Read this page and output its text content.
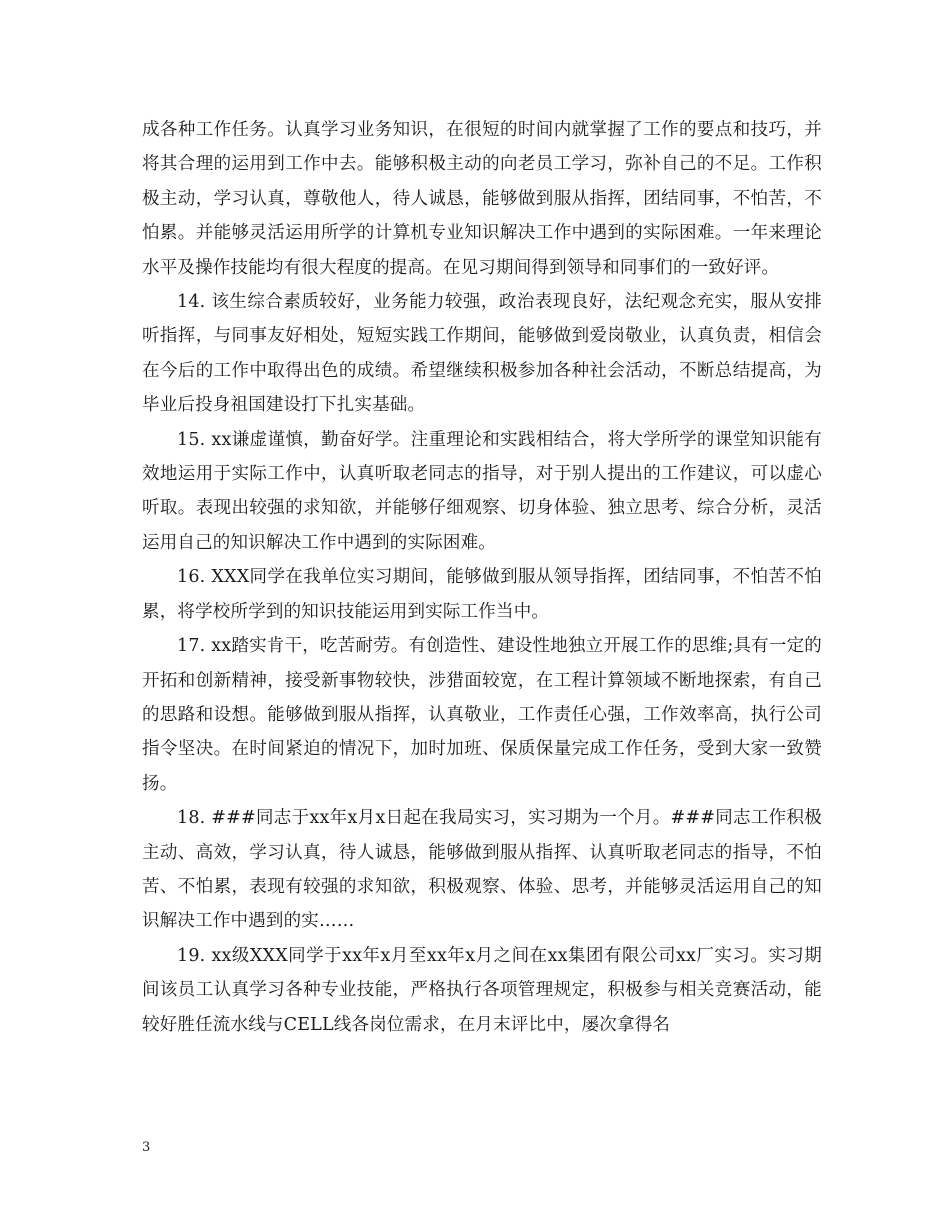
成各种工作任务。认真学习业务知识，在很短的时间内就掌握了工作的要点和技巧，并将其合理的运用到工作中去。能够积极主动的向老员工学习，弥补自己的不足。工作积极主动，学习认真，尊敬他人，待人诚恳，能够做到服从指挥，团结同事，不怕苦，不怕累。并能够灵活运用所学的计算机专业知识解决工作中遇到的实际困难。一年来理论水平及操作技能均有很大程度的提高。在见习期间得到领导和同事们的一致好评。

14. 该生综合素质较好，业务能力较强，政治表现良好，法纪观念充实，服从安排听指挥，与同事友好相处，短短实践工作期间，能够做到爱岗敬业，认真负责，相信会在今后的工作中取得出色的成绩。希望继续积极参加各种社会活动，不断总结提高，为毕业后投身祖国建设打下扎实基础。

15. xx谦虚谨慎，勤奋好学。注重理论和实践相结合，将大学所学的课堂知识能有效地运用于实际工作中，认真听取老同志的指导，对于别人提出的工作建议，可以虚心听取。表现出较强的求知欲，并能够仔细观察、切身体验、独立思考、综合分析，灵活运用自己的知识解决工作中遇到的实际困难。

16. XXX同学在我单位实习期间，能够做到服从领导指挥，团结同事，不怕苦不怕累，将学校所学到的知识技能运用到实际工作当中。

17. xx踏实肯干，吃苦耐劳。有创造性、建设性地独立开展工作的思维;具有一定的开拓和创新精神，接受新事物较快，涉猎面较宽，在工程计算领域不断地探索，有自己的思路和设想。能够做到服从指挥，认真敬业，工作责任心强，工作效率高，执行公司指令坚决。在时间紧迫的情况下，加时加班、保质保量完成工作任务，受到大家一致赞扬。

18. ###同志于xx年x月x日起在我局实习，实习期为一个月。###同志工作积极主动、高效，学习认真，待人诚恳，能够做到服从指挥、认真听取老同志的指导，不怕苦、不怕累，表现有较强的求知欲，积极观察、体验、思考，并能够灵活运用自己的知识解决工作中遇到的实……

19. xx级XXX同学于xx年x月至xx年x月之间在xx集团有限公司xx厂实习。实习期间该员工认真学习各种专业技能，严格执行各项管理规定，积极参与相关竞赛活动，能较好胜任流水线与CELL线各岗位需求，在月末评比中，屡次拿得名

3
